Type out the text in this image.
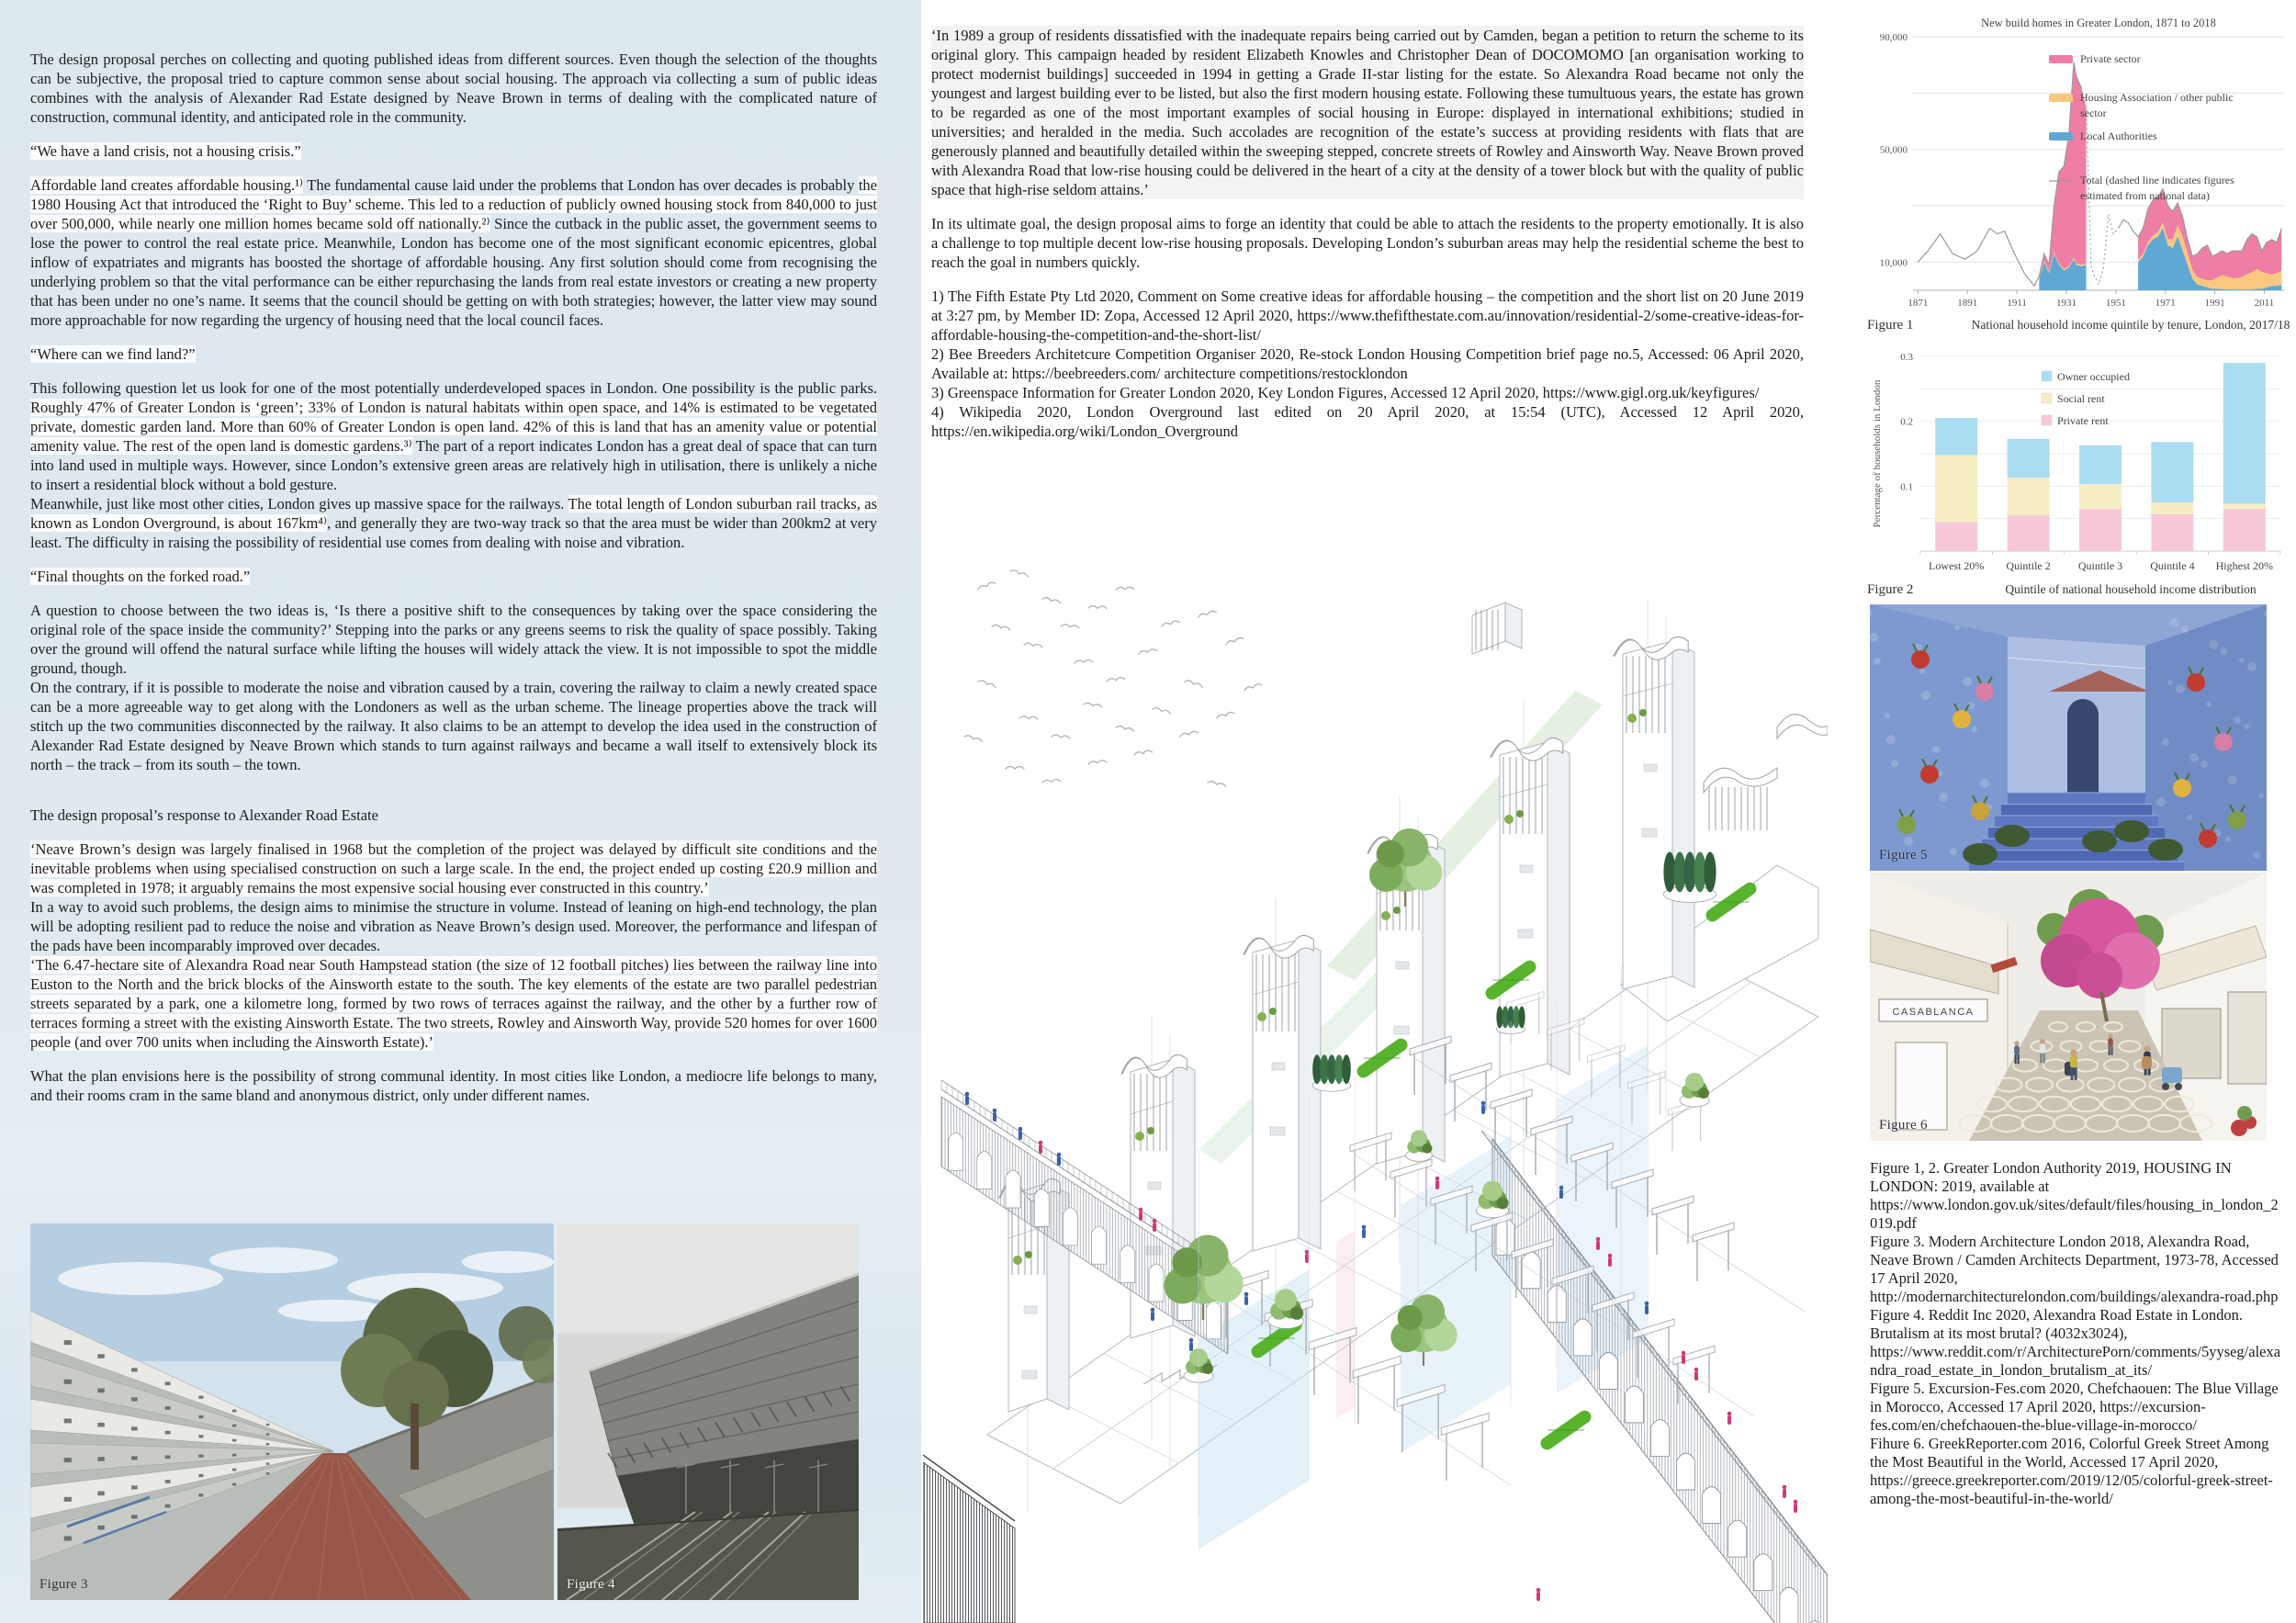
The design proposal perches on collecting and quoting published ideas from different sources. Even though the selection of the thoughts can be subjective, the proposal tried to capture common sense about social housing. The approach via collecting a sum of public ideas combines with the analysis of Alexander Rad Estate designed by Neave Brown in terms of dealing with the complicated nature of construction, communal identity, and anticipated role in the community.

“We have a land crisis, not a housing crisis.”

Affordable land creates affordable housing.¹⁾ The fundamental cause laid under the problems that London has over decades is probably the 1980 Housing Act that introduced the ‘Right to Buy’ scheme. This led to a reduction of publicly owned housing stock from 840,000 to just over 500,000, while nearly one million homes became sold off nationally.²⁾ Since the cutback in the public asset, the government seems to lose the power to control the real estate price. Meanwhile, London has become one of the most significant economic epicentres, global inflow of expatriates and migrants has boosted the shortage of affordable housing. Any first solution should come from recognising the underlying problem so that the vital performance can be either repurchasing the lands from real estate investors or creating a new property that has been under no one’s name. It seems that the council should be getting on with both strategies; however, the latter view may sound more approachable for now regarding the urgency of housing need that the local council faces.

“Where can we find land?”

This following question let us look for one of the most potentially underdeveloped spaces in London. One possibility is the public parks. Roughly 47% of Greater London is ‘green’; 33% of London is natural habitats within open space, and 14% is estimated to be vegetated private, domestic garden land. More than 60% of Greater London is open land. 42% of this is land that has an amenity value or potential amenity value. The rest of the open land is domestic gardens.³⁾ The part of a report indicates London has a great deal of space that can turn into land used in multiple ways. However, since London’s extensive green areas are relatively high in utilisation, there is unlikely a niche to insert a residential block without a bold gesture.

Meanwhile, just like most other cities, London gives up massive space for the railways. The total length of London suburban rail tracks, as known as London Overground, is about 167km⁴⁾, and generally they are two-way track so that the area must be wider than 200km2 at very least. The difficulty in raising the possibility of residential use comes from dealing with noise and vibration.

“Final thoughts on the forked road.”

A question to choose between the two ideas is, ‘Is there a positive shift to the consequences by taking over the space considering the original role of the space inside the community?’ Stepping into the parks or any greens seems to risk the quality of space possibly. Taking over the ground will offend the natural surface while lifting the houses will widely attack the view. It is not impossible to spot the middle ground, though.

On the contrary, if it is possible to moderate the noise and vibration caused by a train, covering the railway to claim a newly created space can be a more agreeable way to get along with the Londoners as well as the urban scheme. The lineage properties above the track will stitch up the two communities disconnected by the railway. It also claims to be an attempt to develop the idea used in the construction of Alexander Rad Estate designed by Neave Brown which stands to turn against railways and became a wall itself to extensively block its north – the track – from its south – the town.

The design proposal’s response to Alexander Road Estate

‘Neave Brown’s design was largely finalised in 1968 but the completion of the project was delayed by difficult site conditions and the inevitable problems when using specialised construction on such a large scale. In the end, the project ended up costing £20.9 million and was completed in 1978; it arguably remains the most expensive social housing ever constructed in this country.’

In a way to avoid such problems, the design aims to minimise the structure in volume. Instead of leaning on high-end technology, the plan will be adopting resilient pad to reduce the noise and vibration as Neave Brown’s design used. Moreover, the performance and lifespan of the pads have been incomparably improved over decades.

‘The 6.47-hectare site of Alexandra Road near South Hampstead station (the size of 12 football pitches) lies between the railway line into Euston to the North and the brick blocks of the Ainsworth estate to the south. The key elements of the estate are two parallel pedestrian streets separated by a park, one a kilometre long, formed by two rows of terraces against the railway, and the other by a further row of terraces forming a street with the existing Ainsworth Estate. The two streets, Rowley and Ainsworth Way, provide 520 homes for over 1600 people (and over 700 units when including the Ainsworth Estate).’

What the plan envisions here is the possibility of strong communal identity. In most cities like London, a mediocre life belongs to many, and their rooms cram in the same bland and anonymous district, only under different names.

Figure 3	Figure 4

‘In 1989 a group of residents dissatisfied with the inadequate repairs being carried out by Camden, began a petition to return the scheme to its original glory. This campaign headed by resident Elizabeth Knowles and Christopher Dean of DOCOMOMO [an organisation working to protect modernist buildings] succeeded in 1994 in getting a Grade II-star listing for the estate. So Alexandra Road became not only the youngest and largest building ever to be listed, but also the first modern housing estate. Following these tumultuous years, the estate has grown to be regarded as one of the most important examples of social housing in Europe: displayed in international exhibitions; studied in universities; and heralded in the media. Such accolades are recognition of the estate’s success at providing residents with flats that are generously planned and beautifully detailed within the sweeping stepped, concrete streets of Rowley and Ainsworth Way. Neave Brown proved with Alexandra Road that low-rise housing could be delivered in the heart of a city at the density of a tower block but with the quality of public space that high-rise seldom attains.’

In its ultimate goal, the design proposal aims to forge an identity that could be able to attach the residents to the property emotionally. It is also a challenge to top multiple decent low-rise housing proposals. Developing London’s suburban areas may help the residential scheme the best to reach the goal in numbers quickly.

1) The Fifth Estate Pty Ltd 2020, Comment on Some creative ideas for affordable housing – the competition and the short list on 20 June 2019 at 3:27 pm, by Member ID: Zopa, Accessed 12 April 2020, https://www.thefifthestate.com.au/innovation/residential-2/some-creative-ideas-for-affordable-housing-the-competition-and-the-short-list/

2) Bee Breeders Architetcure Competition Organiser 2020, Re-stock London Housing Competition brief page no.5, Accessed: 06 April 2020, Available at: https://beebreeders.com/ architecture competitions/restocklondon

3) Greenspace Information for Greater London 2020, Key London Figures, Accessed 12 April 2020, https://www.gigl.org.uk/keyfigures/

4) Wikipedia 2020, London Overground last edited on 20 April 2020, at 15:54 (UTC), Accessed 12 April 2020, https://en.wikipedia.org/wiki/London_Overground

90,000
50,000
10,000
1871	1891	1911	1931	1951	1971	1991	2011
Private sector
Housing Association / other public
sector
Local Authorities
Total (dashed line indicates figures
estimated from national data)
New build homes in Greater London, 1871 to 2018
Figure 1	National household income quintile by tenure, London, 2017/18
0.1
0.2
0.3
Lowest 20% Quintile 2	Quintile 3	Quintile 4 Highest 20%
Percentage of households in London
Owner occupied
Social rent
Private rent
Figure 2	Quintile of national household income distribution
Figure 5
CASABLANCA
Figure 6

Figure 1, 2. Greater London Authority 2019, HOUSING IN LONDON: 2019, available at https://www.london.gov.uk/sites/default/files/housing_in_london_2019.pdf

Figure 3. Modern Architecture London 2018, Alexandra Road, Neave Brown / Camden Architects Department, 1973-78, Accessed 17 April 2020, http://modernarchitecturelondon.com/buildings/alexandra-road.php

Figure 4. Reddit Inc 2020, Alexandra Road Estate in London. Brutalism at its most brutal? (4032x3024), https://www.reddit.com/r/ArchitecturePorn/comments/5yyseg/alexandra_road_estate_in_london_brutalism_at_its/

Figure 5. Excursion-Fes.com 2020, Chefchaouen: The Blue Village in Morocco, Accessed 17 April 2020, https://excursion-fes.com/en/chefchaouen-the-blue-village-in-morocco/

Fihure 6. GreekReporter.com 2016, Colorful Greek Street Among the Most Beautiful in the World, Accessed 17 April 2020, https://greece.greekreporter.com/2019/12/05/colorful-greek-street-among-the-most-beautiful-in-the-world/
